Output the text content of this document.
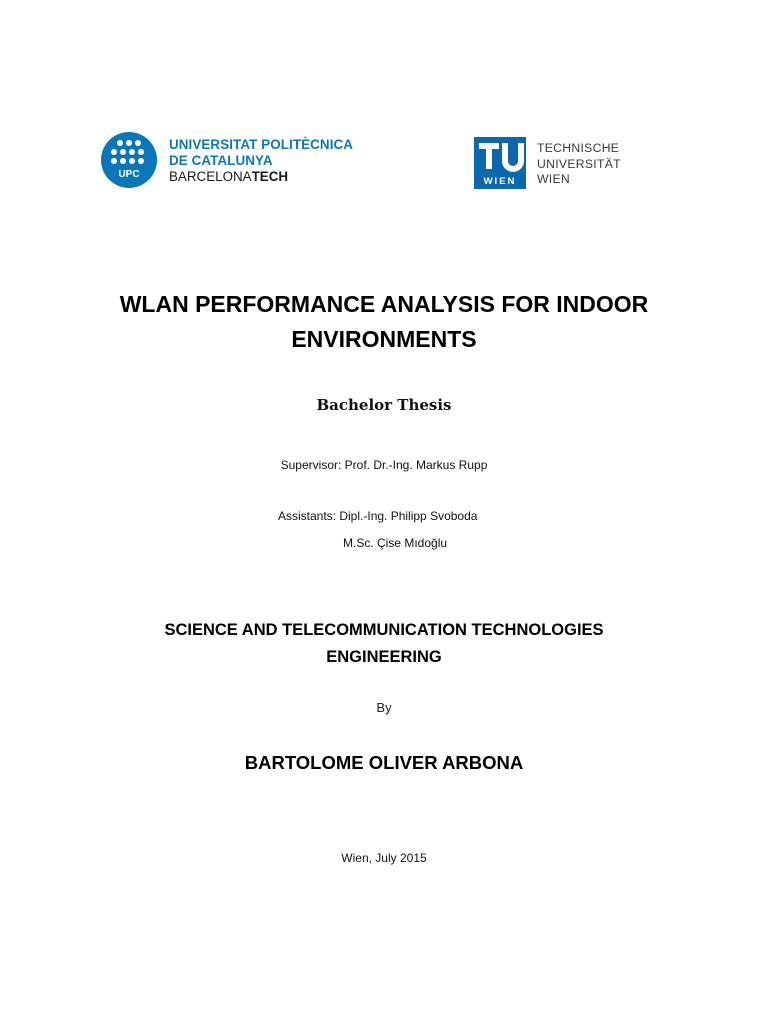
UPC
UNIVERSITAT POLITÈCNICA
DE CATALUNYA
BARCELONATECH	WIEN
TECHNISCHE
UNIVERSITÄT
WIEN
WLAN PERFORMANCE ANALYSIS FOR INDOOR
ENVIRONMENTS
Bachelor Thesis
Supervisor: Prof. Dr.-Ing. Markus Rupp
Assistants: Dipl.-Ing. Philipp Svoboda
M.Sc. Çise Mıdoğlu
SCIENCE AND TELECOMMUNICATION TECHNOLOGIES
ENGINEERING
By
BARTOLOME OLIVER ARBONA
Wien, July 2015
